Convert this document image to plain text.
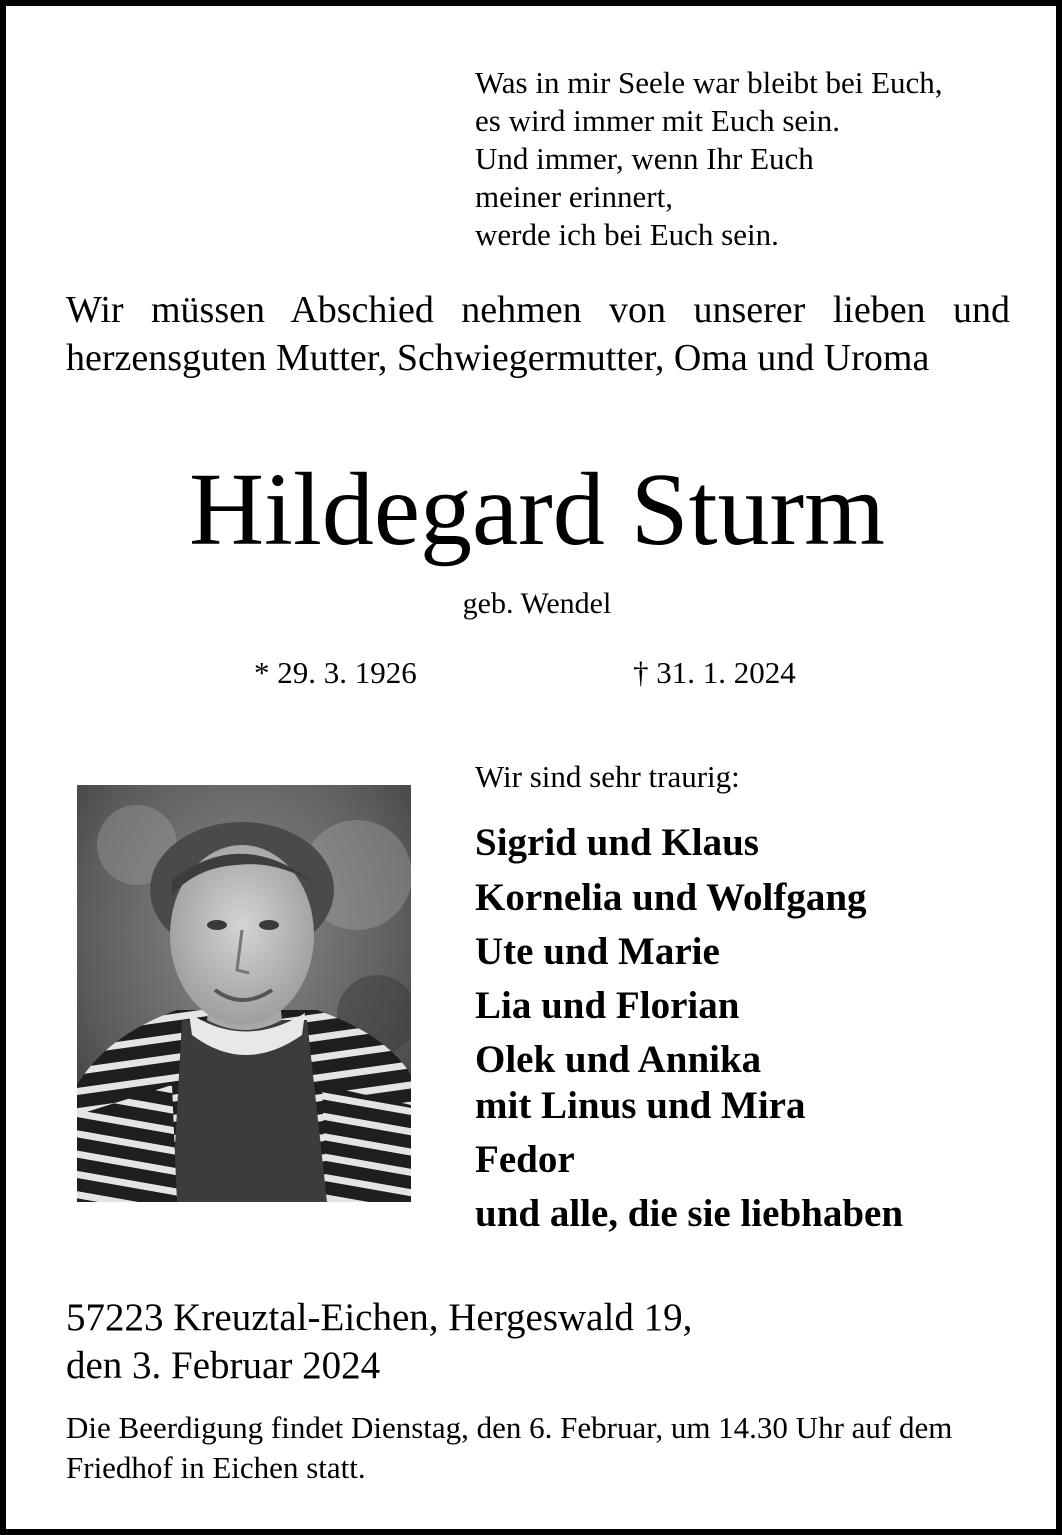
Was in mir Seele war bleibt bei Euch,
es wird immer mit Euch sein.
Und immer, wenn Ihr Euch
meiner erinnert,
werde ich bei Euch sein.
Wir müssen Abschied nehmen von unserer lieben und herzensguten Mutter, Schwiegermutter, Oma und Uroma
Hildegard Sturm
geb. Wendel
* 29. 3. 1926	† 31. 1. 2024
Wir sind sehr traurig:
Sigrid und Klaus
Kornelia und Wolfgang
Ute und Marie
Lia und Florian
Olek und Annika
mit Linus und Mira
Fedor
und alle, die sie liebhaben
57223 Kreuztal-Eichen, Hergeswald 19,
den 3. Februar 2024
Die Beerdigung findet Dienstag, den 6. Februar, um 14.30 Uhr auf dem Friedhof in Eichen statt.
